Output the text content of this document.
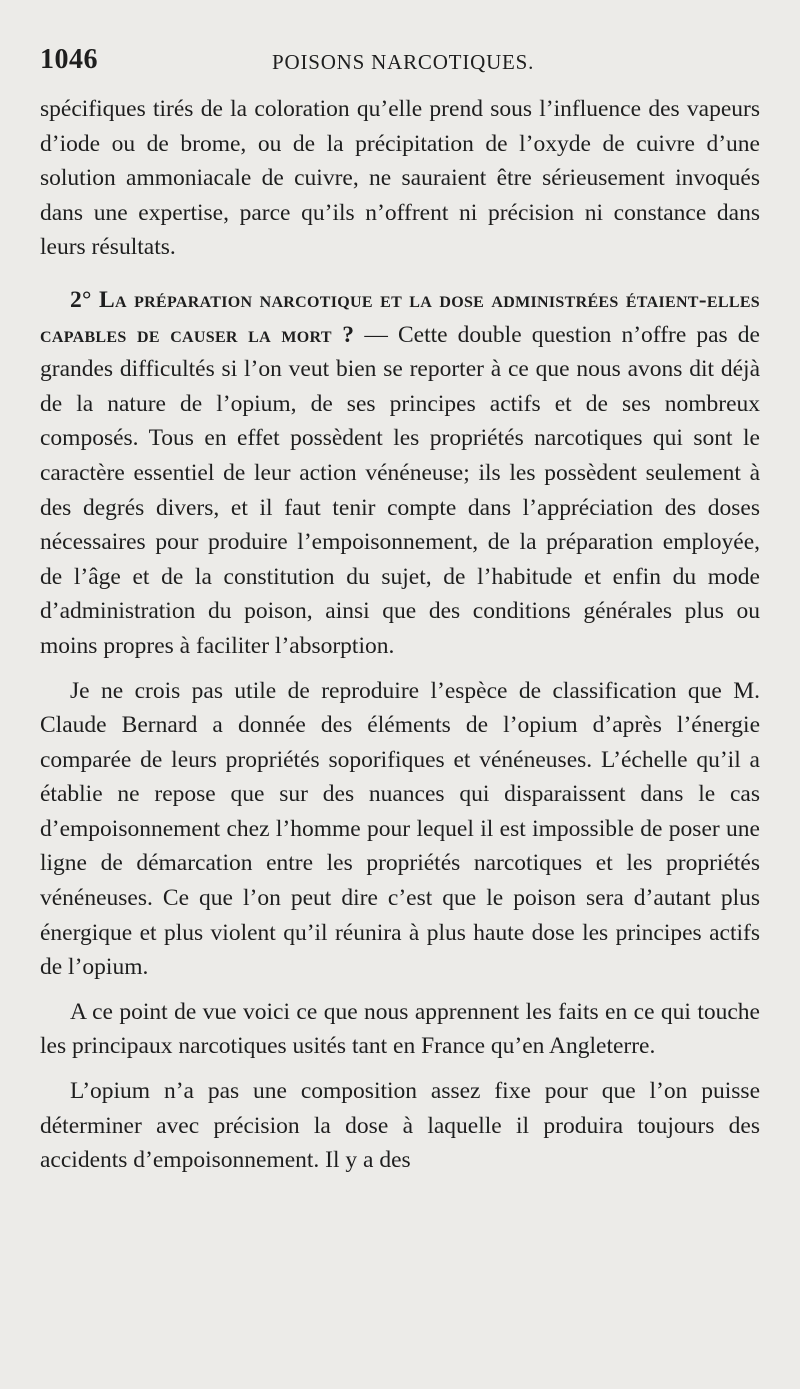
1046	POISONS NARCOTIQUES.

spécifiques tirés de la coloration qu’elle prend sous l’influence des vapeurs d’iode ou de brome, ou de la précipitation de l’oxyde de cuivre d’une solution ammoniacale de cuivre, ne sauraient être sérieusement invoqués dans une expertise, parce qu’ils n’offrent ni précision ni constance dans leurs résultats.

2° La préparation narcotique et la dose administrées étaient-elles capables de causer la mort ? — Cette double question n’offre pas de grandes difficultés si l’on veut bien se reporter à ce que nous avons dit déjà de la nature de l’opium, de ses principes actifs et de ses nombreux composés. Tous en effet possèdent les propriétés narcotiques qui sont le caractère essentiel de leur action vénéneuse; ils les possèdent seulement à des degrés divers, et il faut tenir compte dans l’appréciation des doses nécessaires pour produire l’empoisonnement, de la préparation employée, de l’âge et de la constitution du sujet, de l’habitude et enfin du mode d’administration du poison, ainsi que des conditions générales plus ou moins propres à faciliter l’absorption.

Je ne crois pas utile de reproduire l’espèce de classification que M. Claude Bernard a donnée des éléments de l’opium d’après l’énergie comparée de leurs propriétés soporifiques et vénéneuses. L’échelle qu’il a établie ne repose que sur des nuances qui disparaissent dans le cas d’empoisonnement chez l’homme pour lequel il est impossible de poser une ligne de démarcation entre les propriétés narcotiques et les propriétés vénéneuses. Ce que l’on peut dire c’est que le poison sera d’autant plus énergique et plus violent qu’il réunira à plus haute dose les principes actifs de l’opium.

A ce point de vue voici ce que nous apprennent les faits en ce qui touche les principaux narcotiques usités tant en France qu’en Angleterre.

L’opium n’a pas une composition assez fixe pour que l’on puisse déterminer avec précision la dose à laquelle il produira toujours des accidents d’empoisonnement. Il y a des
